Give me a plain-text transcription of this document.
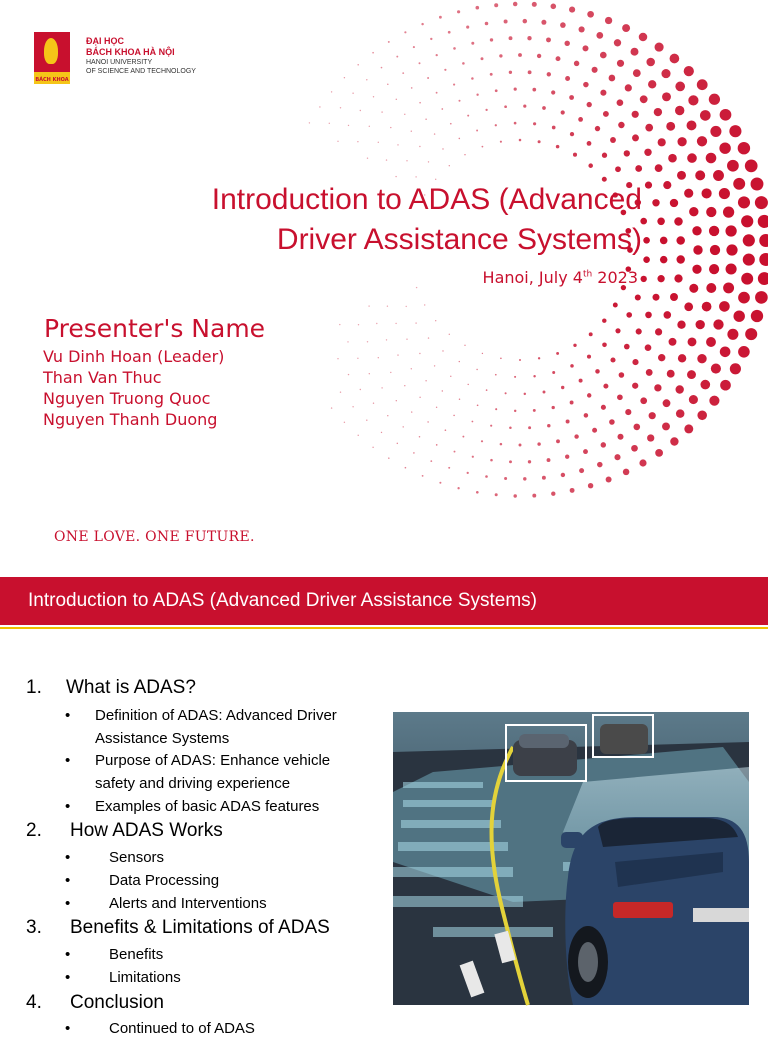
BÁCH KHOA
ĐẠI HỌC
BÁCH KHOA HÀ NỘI
HANOI UNIVERSITY
OF SCIENCE AND TECHNOLOGY
Introduction to ADAS (Advanced
Driver Assistance Systems)
Hanoi, July 4th 2023
Presenter's Name
Vu Dinh Hoan (Leader)
Than Van Thuc
Nguyen Truong Quoc
Nguyen Thanh Duong
ONE LOVE. ONE FUTURE.
Introduction to ADAS (Advanced Driver Assistance Systems)
1. What is ADAS?
• Definition of ADAS: Advanced Driver
Assistance Systems
• Purpose of ADAS: Enhance vehicle
safety and driving experience
• Examples of basic ADAS features
2. How ADAS Works
•	Sensors
•	Data Processing
•	Alerts and Interventions
3. Benefits & Limitations of ADAS
•	Benefits
•	Limitations
4. Conclusion
•	Continued to of ADAS
